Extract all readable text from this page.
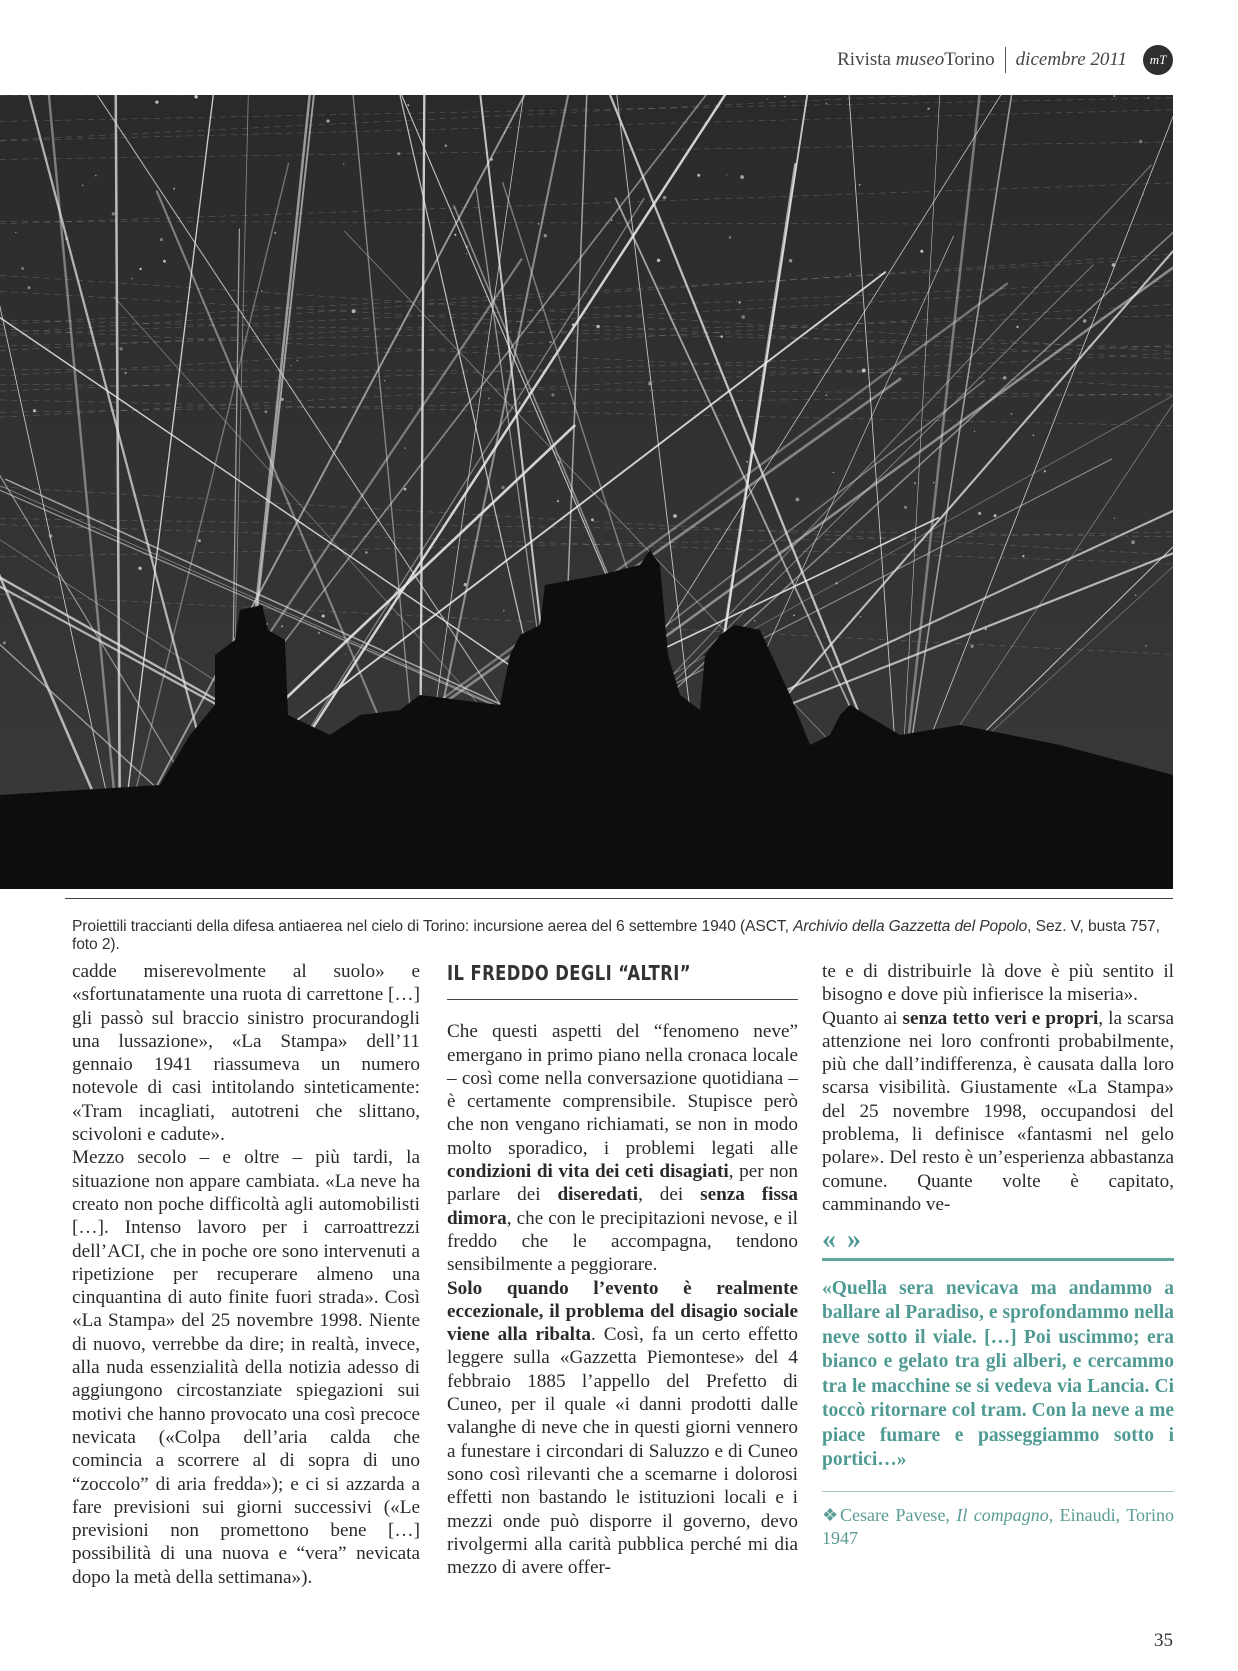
Rivista museoTorino dicembre 2011	mT
Proiettili traccianti della difesa antiaerea nel cielo di Torino: incursione aerea del 6 settembre 1940 (ASCT, Archivio della Gazzetta del Popolo, Sez. V, busta 757, foto 2).

cadde miserevolmente al suolo» e «sfortunatamente una ruota di carrettone […] gli passò sul braccio sinistro procurandogli una lussazione», «La Stampa» dell’11 gennaio 1941 riassumeva un numero notevole di casi intitolando sinteticamente: «Tram incagliati, autotreni che slittano, scivoloni e cadute».

Mezzo secolo – e oltre – più tardi, la situazione non appare cambiata. «La neve ha creato non poche difficoltà agli automobilisti […]. Intenso lavoro per i carroattrezzi dell’ACI, che in poche ore sono intervenuti a ripetizione per recuperare almeno una cinquantina di auto finite fuori strada». Così «La Stampa» del 25 novembre 1998. Niente di nuovo, verrebbe da dire; in realtà, invece, alla nuda essenzialità della notizia adesso di aggiungono circostanziate spiegazioni sui motivi che hanno provocato una così precoce nevicata («Colpa dell’aria calda che comincia a scorrere al di sopra di uno “zoccolo” di aria fredda»); e ci si azzarda a fare previsioni sui giorni successivi («Le previsioni non promettono bene […] possibilità di una nuova e “vera” nevicata dopo la metà della settimana»).

IL FREDDO DEGLI “ALTRI”

Che questi aspetti del “fenomeno neve” emergano in primo piano nella cronaca locale – così come nella conversazione quotidiana – è certamente comprensibile. Stupisce però che non vengano richiamati, se non in modo molto sporadico, i problemi legati alle condizioni di vita dei ceti disagiati, per non parlare dei diseredati, dei senza fissa dimora, che con le precipitazioni nevose, e il freddo che le accompagna, tendono sensibilmente a peggiorare.

Solo quando l’evento è realmente eccezionale, il problema del disagio sociale viene alla ribalta. Così, fa un certo effetto leggere sulla «Gazzetta Piemontese» del 4 febbraio 1885 l’appello del Prefetto di Cuneo, per il quale «i danni prodotti dalle valanghe di neve che in questi giorni vennero a funestare i circondari di Saluzzo e di Cuneo sono così rilevanti che a scemarne i dolorosi effetti non bastando le istituzioni locali e i mezzi onde può disporre il governo, devo rivolgermi alla carità pubblica perché mi dia mezzo di avere offer-

te e di distribuirle là dove è più sentito il bisogno e dove più infierisce la miseria».

Quanto ai senza tetto veri e propri, la scarsa attenzione nei loro confronti probabilmente, più che dall’indifferenza, è causata dalla loro scarsa visibilità. Giustamente «La Stampa» del 25 novembre 1998, occupandosi del problema, li definisce «fantasmi nel gelo polare». Del resto è un’esperienza abbastanza comune. Quante volte è capitato, camminando ve-

« »

«Quella sera nevicava ma andammo a ballare al Paradiso, e sprofondammo nella neve sotto il viale. […] Poi uscimmo; era bianco e gelato tra gli alberi, e cercammo tra le macchine se si vedeva via Lancia. Ci toccò ritornare col tram. Con la neve a me piace fumare e passeggiammo sotto i portici…»

❖Cesare Pavese, Il compagno, Einaudi, Torino 1947

35
